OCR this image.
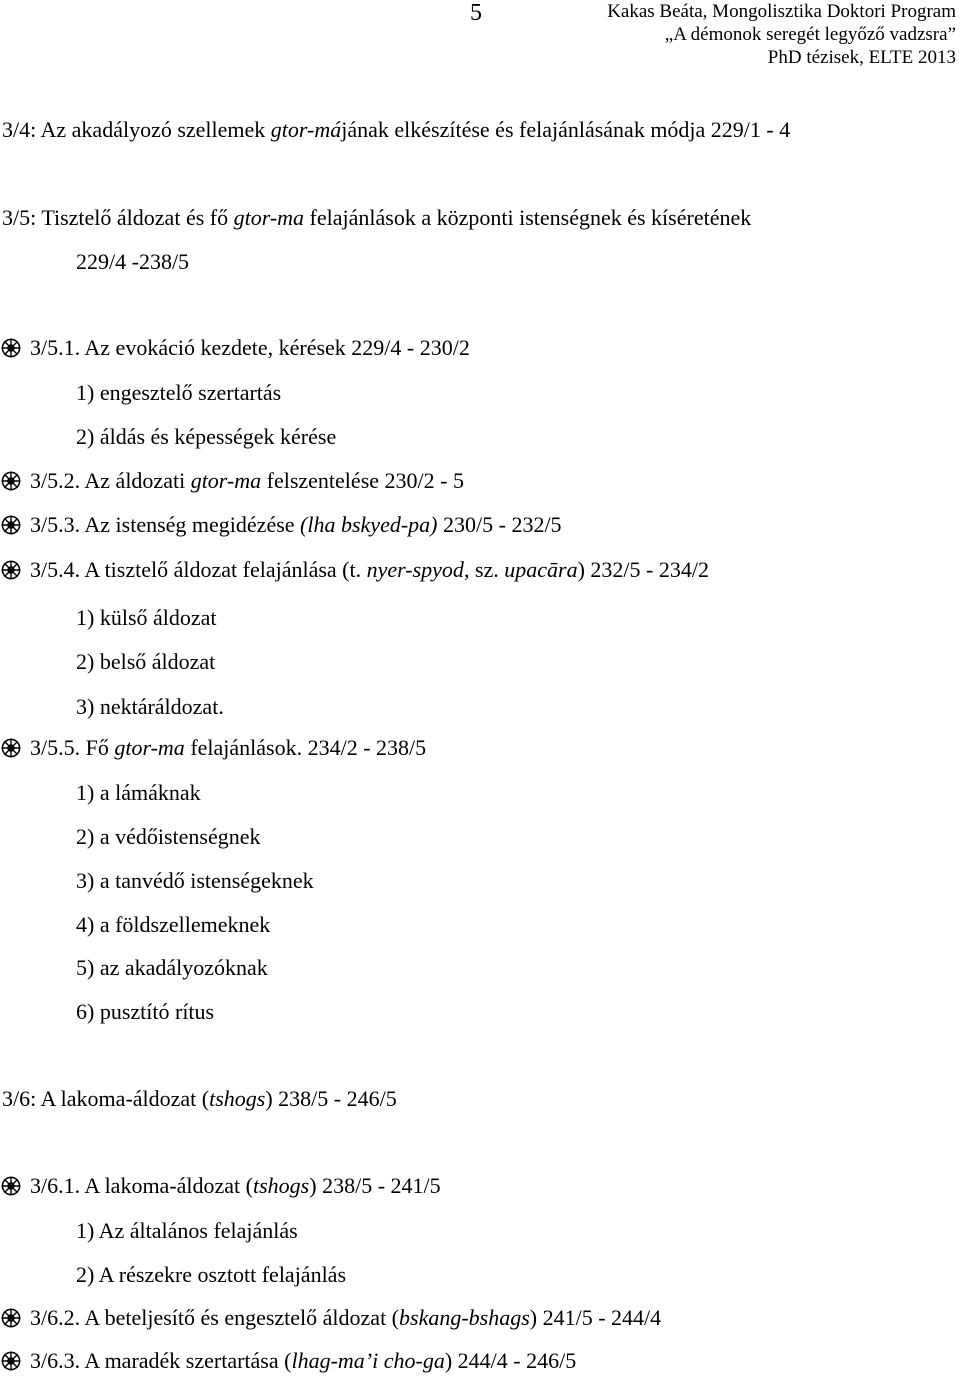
5	Kakas Beáta, Mongolisztika Doktori Program
„A démonok seregét legyőző vadzsra”
PhD tézisek, ELTE 2013
3/4: Az akadályozó szellemek gtor-májának elkészítése és felajánlásának módja 229/1 - 4
3/5: Tisztelő áldozat és fő gtor-ma felajánlások a központi istenségnek és kíséretének
229/4 -238/5
3/5.1. Az evokáció kezdete, kérések 229/4 - 230/2
1) engesztelő szertartás
2) áldás és képességek kérése
3/5.2. Az áldozati gtor-ma felszentelése 230/2 - 5
3/5.3. Az istenség megidézése (lha bskyed-pa) 230/5 - 232/5
3/5.4. A tisztelő áldozat felajánlása (t. nyer-spyod, sz. upacāra) 232/5 - 234/2
1) külső áldozat
2) belső áldozat
3) nektáráldozat.
3/5.5. Fő gtor-ma felajánlások. 234/2 - 238/5
1) a lámáknak
2) a védőistenségnek
3) a tanvédő istenségeknek
4) a földszellemeknek
5) az akadályozóknak
6) pusztító rítus
3/6: A lakoma-áldozat (tshogs) 238/5 - 246/5
3/6.1. A lakoma-áldozat (tshogs) 238/5 - 241/5
1) Az általános felajánlás
2) A részekre osztott felajánlás
3/6.2. A beteljesítő és engesztelő áldozat (bskang-bshags) 241/5 - 244/4
3/6.3. A maradék szertartása (lhag-ma’i cho-ga) 244/4 - 246/5
